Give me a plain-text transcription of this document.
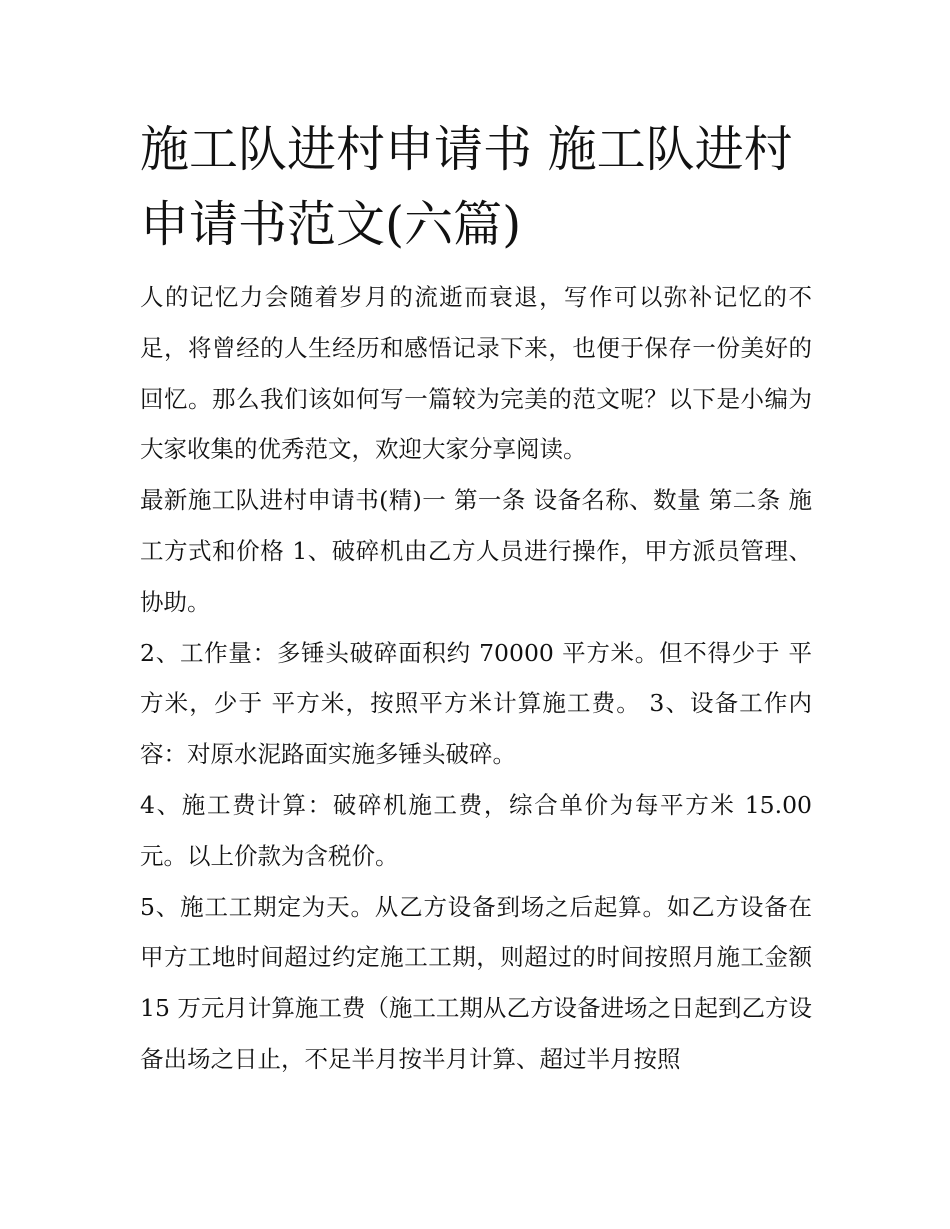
施工队进村申请书 施工队进村申请书范文(六篇)

人的记忆力会随着岁月的流逝而衰退，写作可以弥补记忆的不足，将曾经的人生经历和感悟记录下来，也便于保存一份美好的回忆。那么我们该如何写一篇较为完美的范文呢？以下是小编为大家收集的优秀范文，欢迎大家分享阅读。

最新施工队进村申请书(精)一 第一条 设备名称、数量 第二条 施工方式和价格 1、破碎机由乙方人员进行操作，甲方派员管理、协助。

2、工作量：多锤头破碎面积约 70000 平方米。但不得少于 平方米，少于 平方米，按照平方米计算施工费。 3、设备工作内容：对原水泥路面实施多锤头破碎。

4、施工费计算：破碎机施工费，综合单价为每平方米 15.00 元。以上价款为含税价。

5、施工工期定为天。从乙方设备到场之后起算。如乙方设备在甲方工地时间超过约定施工工期，则超过的时间按照月施工金额 15 万元月计算施工费（施工工期从乙方设备进场之日起到乙方设备出场之日止，不足半月按半月计算、超过半月按照
